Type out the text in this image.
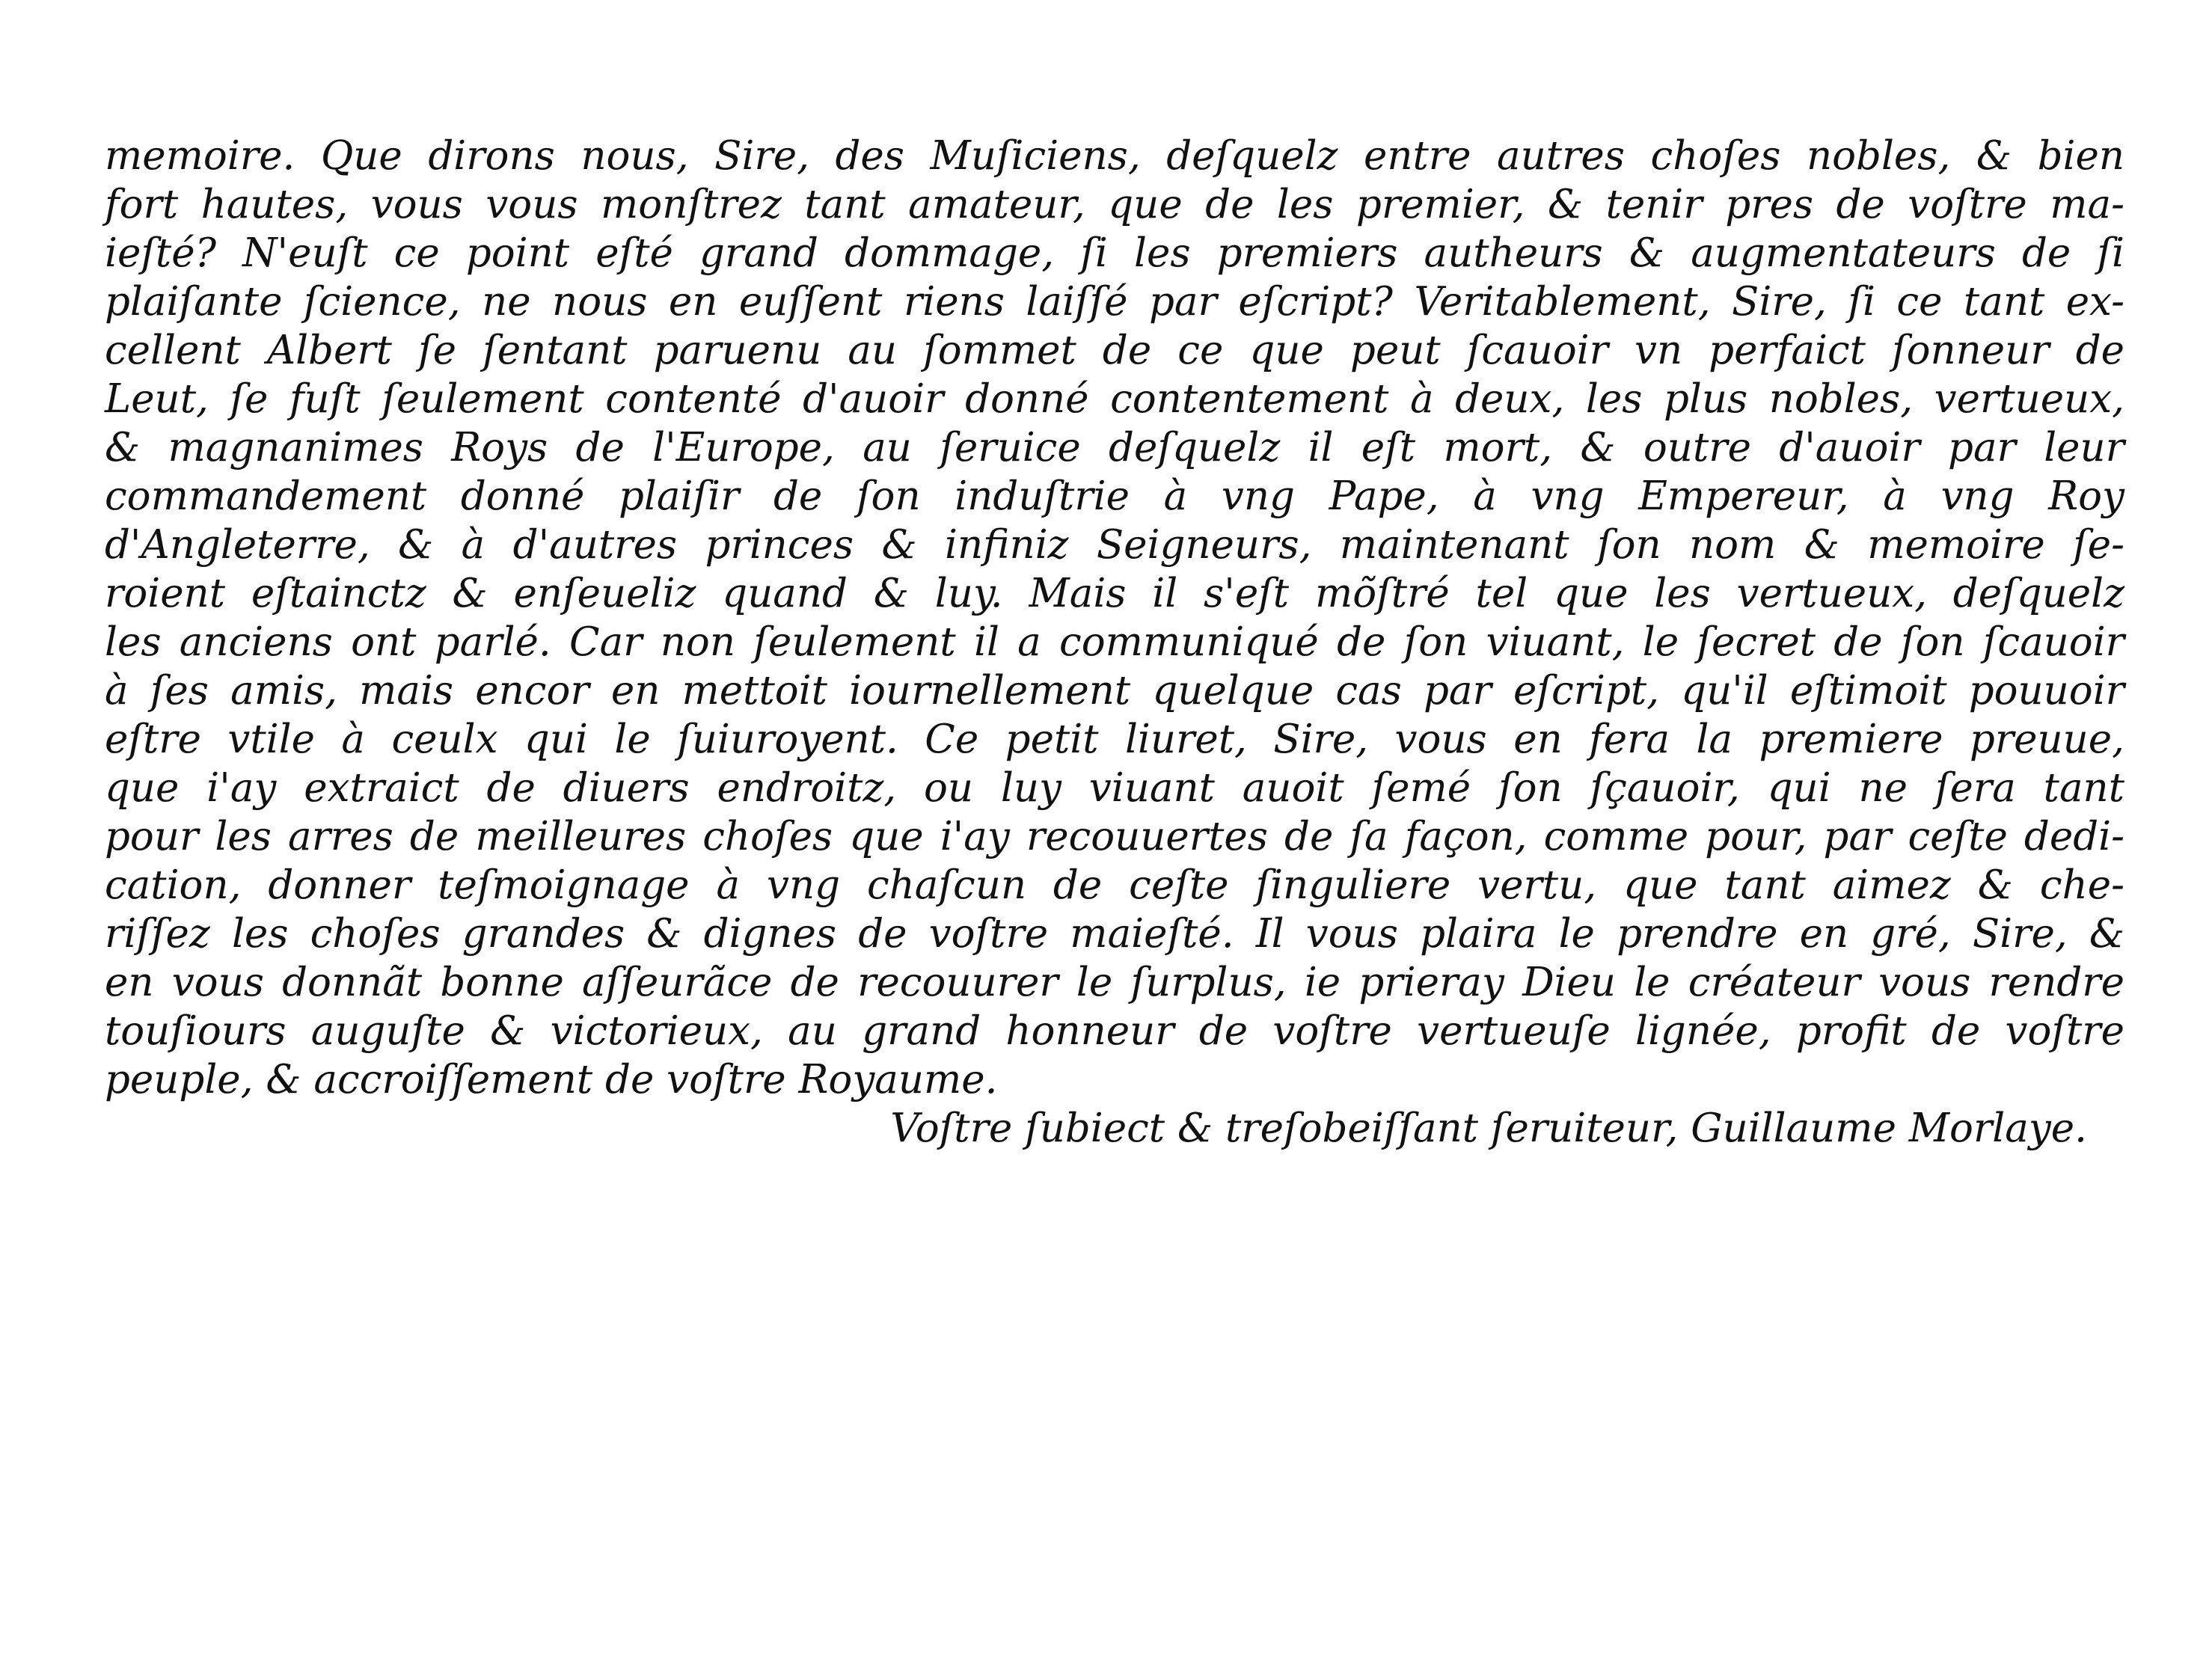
memoire. Que dirons nous, Sire, des Muſiciens, deſquelz entre autres choſes nobles, & bien
fort hautes, vous vous monſtrez tant amateur, que de les premier, & tenir pres de voſtre ma-
ieſté? N'euſt ce point eſté grand dommage, ſi les premiers autheurs & augmentateurs de ſi
plaiſante ſcience, ne nous en euſſent riens laiſſé par eſcript? Veritablement, Sire, ſi ce tant ex-
cellent Albert ſe ſentant paruenu au ſommet de ce que peut ſcauoir vn perfaict ſonneur de
Leut, ſe fuſt ſeulement contenté d'auoir donné contentement à deux, les plus nobles, vertueux,
& magnanimes Roys de l'Europe, au ſeruice deſquelz il eſt mort, & outre d'auoir par leur
commandement donné plaiſir de ſon induſtrie à vng Pape, à vng Empereur, à vng Roy
d'Angleterre, & à d'autres princes & infiniz Seigneurs, maintenant ſon nom & memoire ſe-
roient eſtainctz & enſeueliz quand & luy. Mais il s'eſt mõſtré tel que les vertueux, deſquelz
les anciens ont parlé. Car non ſeulement il a communiqué de ſon viuant, le ſecret de ſon ſcauoir
à ſes amis, mais encor en mettoit iournellement quelque cas par eſcript, qu'il eſtimoit pouuoir
eſtre vtile à ceulx qui le ſuiuroyent. Ce petit liuret, Sire, vous en fera la premiere preuue,
que i'ay extraict de diuers endroitz, ou luy viuant auoit ſemé ſon ſçauoir, qui ne ſera tant
pour les arres de meilleures choſes que i'ay recouuertes de ſa façon, comme pour, par ceſte dedi-
cation, donner teſmoignage à vng chaſcun de ceſte ſinguliere vertu, que tant aimez & che-
riſſez les choſes grandes & dignes de voſtre maieſté. Il vous plaira le prendre en gré, Sire, &
en vous donnãt bonne aſſeurãce de recouurer le ſurplus, ie prieray Dieu le créateur vous rendre
touſiours auguſte & victorieux, au grand honneur de voſtre vertueuſe lignée, profit de voſtre
peuple, & accroiſſement de voſtre Royaume.
Voſtre ſubiect & treſobeiſſant ſeruiteur, Guillaume Morlaye.
